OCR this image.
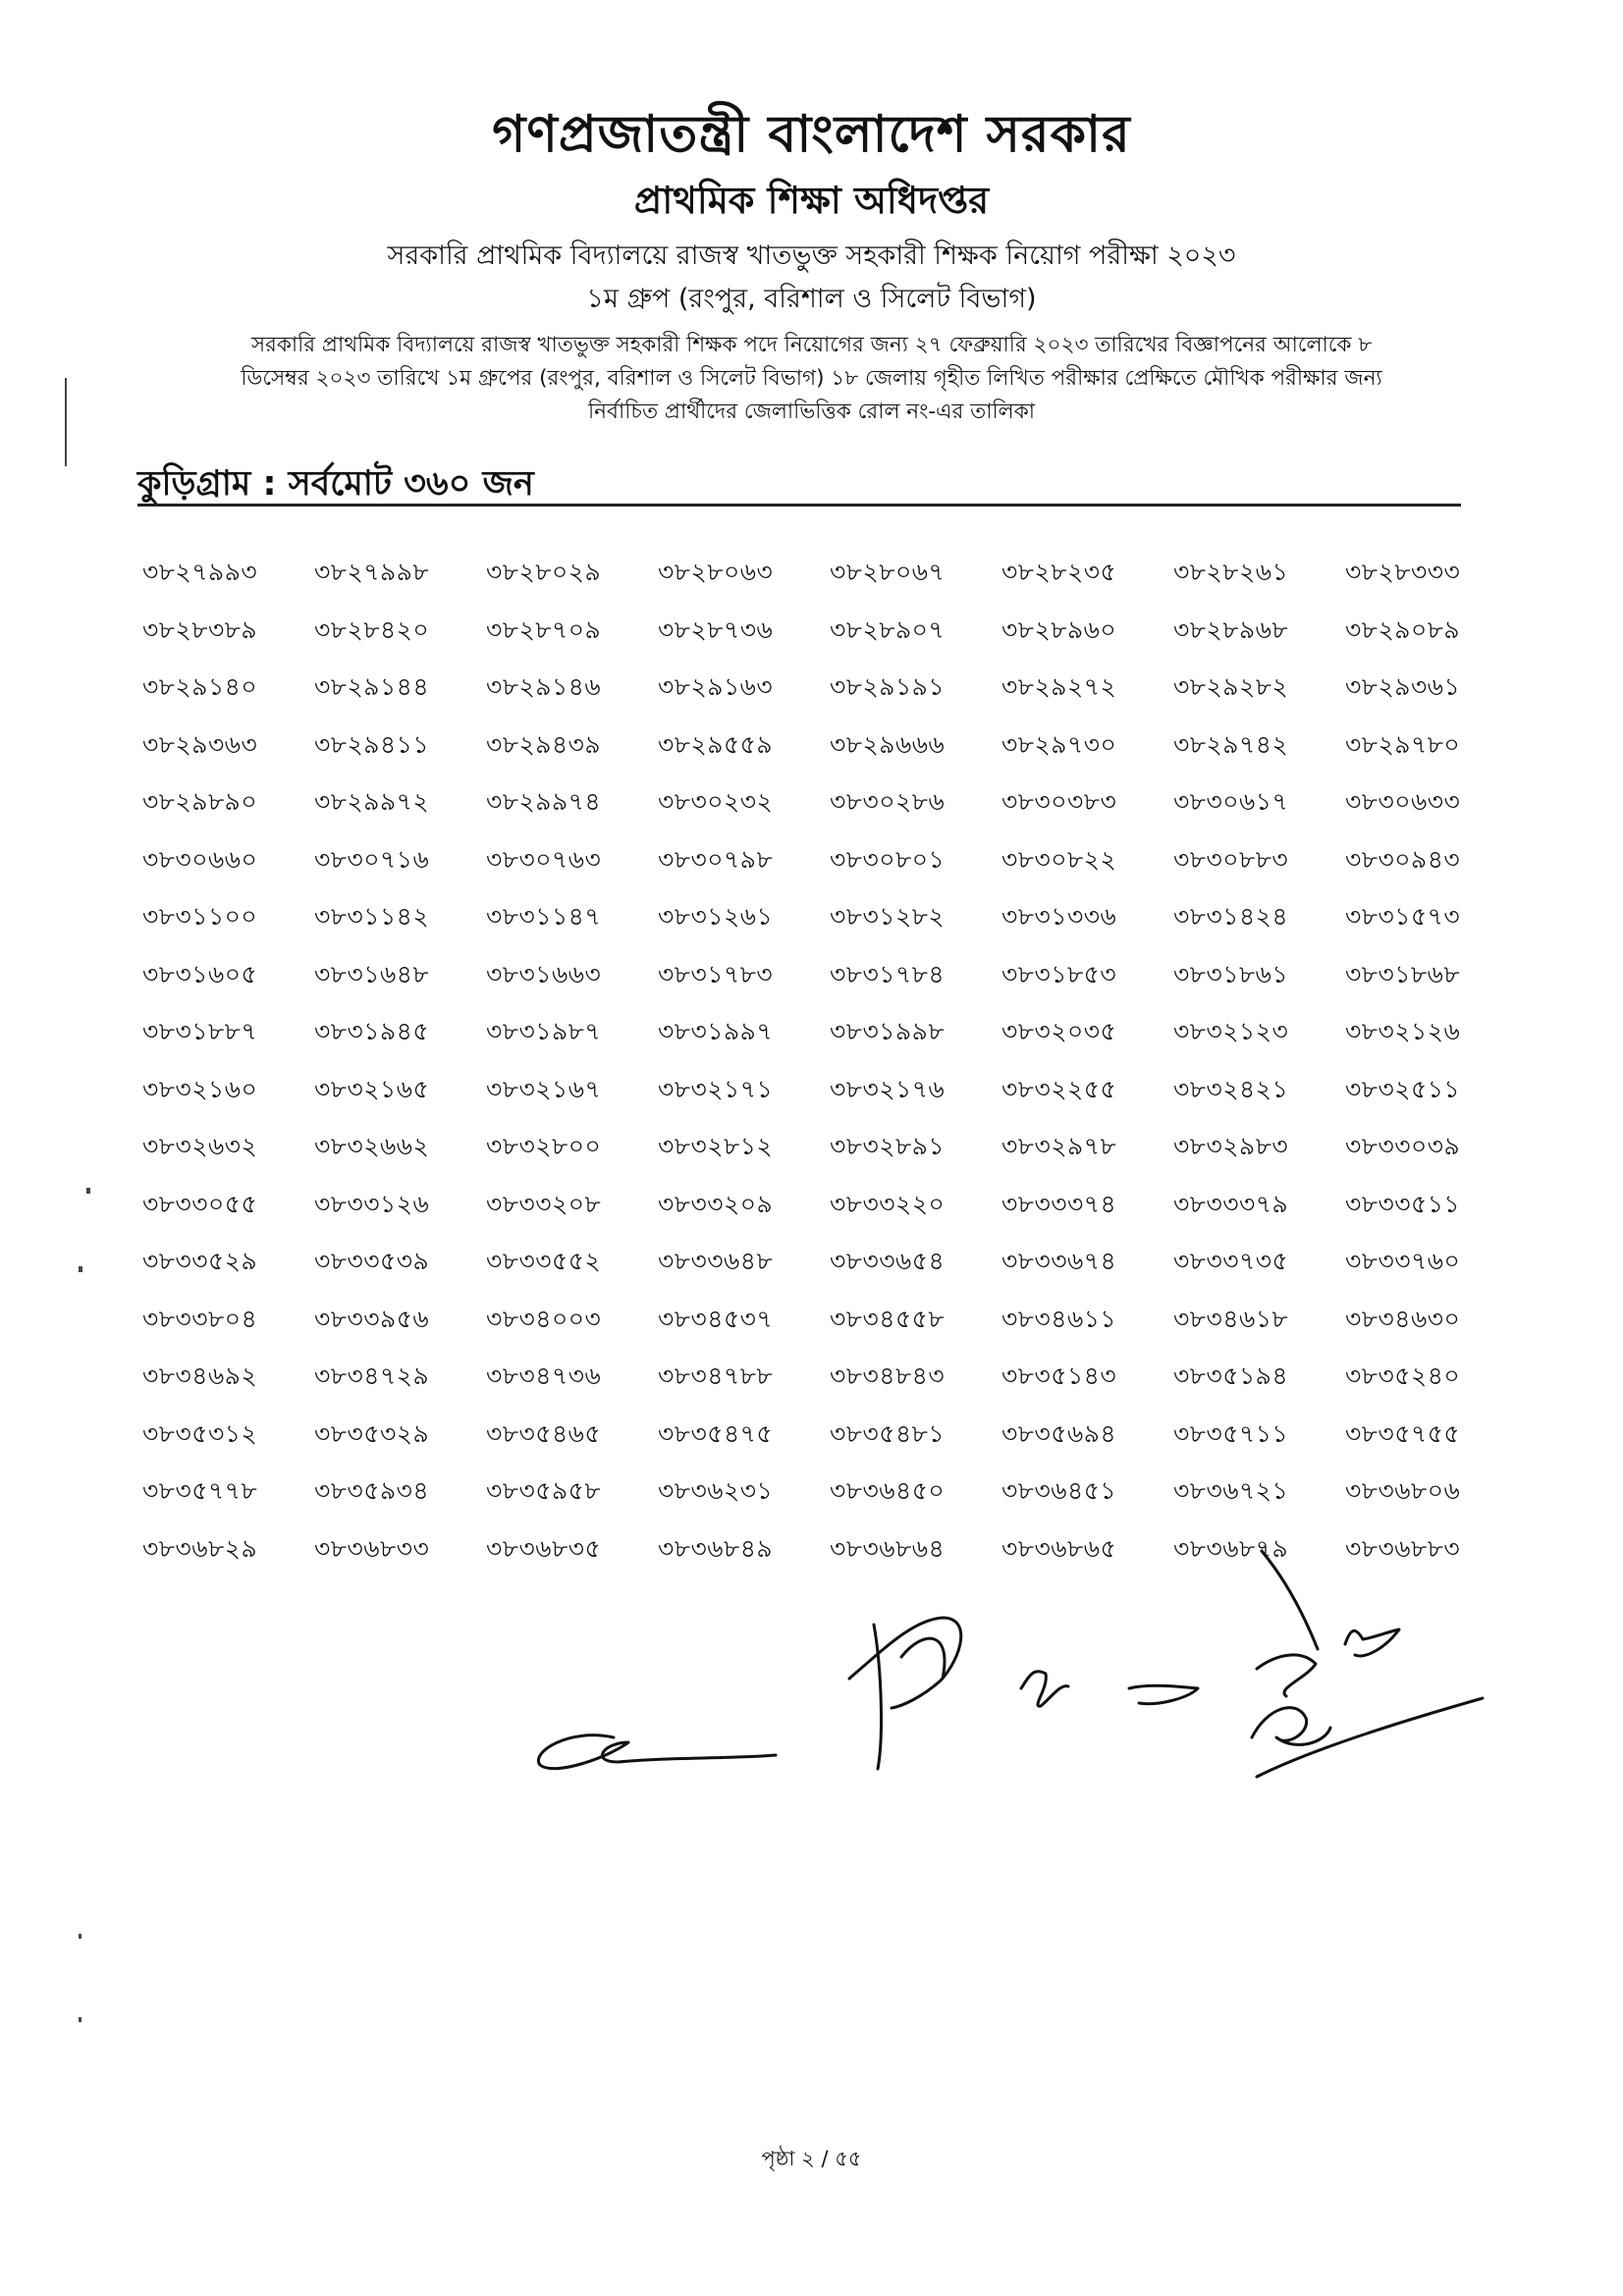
গণপ্রজাতন্ত্রী বাংলাদেশ সরকার
প্রাথমিক শিক্ষা অধিদপ্তর
সরকারি প্রাথমিক বিদ্যালয়ে রাজস্ব খাতভুক্ত সহকারী শিক্ষক নিয়োগ পরীক্ষা ২০২৩
১ম গ্রুপ (রংপুর, বরিশাল ও সিলেট বিভাগ)
সরকারি প্রাথমিক বিদ্যালয়ে রাজস্ব খাতভুক্ত সহকারী শিক্ষক পদে নিয়োগের জন্য ২৭ ফেব্রুয়ারি ২০২৩ তারিখের বিজ্ঞাপনের আলোকে ৮
ডিসেম্বর ২০২৩ তারিখে ১ম গ্রুপের (রংপুর, বরিশাল ও সিলেট বিভাগ) ১৮ জেলায় গৃহীত লিখিত পরীক্ষার প্রেক্ষিতে মৌখিক পরীক্ষার জন্য
নির্বাচিত প্রার্থীদের জেলাভিত্তিক রোল নং-এর তালিকা
কুড়িগ্রাম : সর্বমোট ৩৬০ জন
৩৮২৭৯৯৩	৩৮২৭৯৯৮	৩৮২৮০২৯	৩৮২৮০৬৩	৩৮২৮০৬৭	৩৮২৮২৩৫	৩৮২৮২৬১	৩৮২৮৩৩৩
৩৮২৮৩৮৯	৩৮২৮৪২০	৩৮২৮৭০৯	৩৮২৮৭৩৬	৩৮২৮৯০৭	৩৮২৮৯৬০	৩৮২৮৯৬৮	৩৮২৯০৮৯
৩৮২৯১৪০	৩৮২৯১৪৪	৩৮২৯১৪৬	৩৮২৯১৬৩	৩৮২৯১৯১	৩৮২৯২৭২	৩৮২৯২৮২	৩৮২৯৩৬১
৩৮২৯৩৬৩	৩৮২৯৪১১	৩৮২৯৪৩৯	৩৮২৯৫৫৯	৩৮২৯৬৬৬	৩৮২৯৭৩০	৩৮২৯৭৪২	৩৮২৯৭৮০
৩৮২৯৮৯০	৩৮২৯৯৭২	৩৮২৯৯৭৪	৩৮৩০২৩২	৩৮৩০২৮৬	৩৮৩০৩৮৩	৩৮৩০৬১৭	৩৮৩০৬৩৩
৩৮৩০৬৬০	৩৮৩০৭১৬	৩৮৩০৭৬৩	৩৮৩০৭৯৮	৩৮৩০৮০১	৩৮৩০৮২২	৩৮৩০৮৮৩	৩৮৩০৯৪৩
৩৮৩১১০০	৩৮৩১১৪২	৩৮৩১১৪৭	৩৮৩১২৬১	৩৮৩১২৮২	৩৮৩১৩৩৬	৩৮৩১৪২৪	৩৮৩১৫৭৩
৩৮৩১৬০৫	৩৮৩১৬৪৮	৩৮৩১৬৬৩	৩৮৩১৭৮৩	৩৮৩১৭৮৪	৩৮৩১৮৫৩	৩৮৩১৮৬১	৩৮৩১৮৬৮
৩৮৩১৮৮৭	৩৮৩১৯৪৫	৩৮৩১৯৮৭	৩৮৩১৯৯৭	৩৮৩১৯৯৮	৩৮৩২০৩৫	৩৮৩২১২৩	৩৮৩২১২৬
৩৮৩২১৬০	৩৮৩২১৬৫	৩৮৩২১৬৭	৩৮৩২১৭১	৩৮৩২১৭৬	৩৮৩২২৫৫	৩৮৩২৪২১	৩৮৩২৫১১
৩৮৩২৬৩২	৩৮৩২৬৬২	৩৮৩২৮০০	৩৮৩২৮১২	৩৮৩২৮৯১	৩৮৩২৯৭৮	৩৮৩২৯৮৩	৩৮৩৩০৩৯
৩৮৩৩০৫৫	৩৮৩৩১২৬	৩৮৩৩২০৮	৩৮৩৩২০৯	৩৮৩৩২২০	৩৮৩৩৩৭৪	৩৮৩৩৩৭৯	৩৮৩৩৫১১
৩৮৩৩৫২৯	৩৮৩৩৫৩৯	৩৮৩৩৫৫২	৩৮৩৩৬৪৮	৩৮৩৩৬৫৪	৩৮৩৩৬৭৪	৩৮৩৩৭৩৫	৩৮৩৩৭৬০
৩৮৩৩৮০৪	৩৮৩৩৯৫৬	৩৮৩৪০০৩	৩৮৩৪৫৩৭	৩৮৩৪৫৫৮	৩৮৩৪৬১১	৩৮৩৪৬১৮	৩৮৩৪৬৩০
৩৮৩৪৬৯২	৩৮৩৪৭২৯	৩৮৩৪৭৩৬	৩৮৩৪৭৮৮	৩৮৩৪৮৪৩	৩৮৩৫১৪৩	৩৮৩৫১৯৪	৩৮৩৫২৪০
৩৮৩৫৩১২	৩৮৩৫৩২৯	৩৮৩৫৪৬৫	৩৮৩৫৪৭৫	৩৮৩৫৪৮১	৩৮৩৫৬৯৪	৩৮৩৫৭১১	৩৮৩৫৭৫৫
৩৮৩৫৭৭৮	৩৮৩৫৯৩৪	৩৮৩৫৯৫৮	৩৮৩৬২৩১	৩৮৩৬৪৫০	৩৮৩৬৪৫১	৩৮৩৬৭২১	৩৮৩৬৮০৬
৩৮৩৬৮২৯	৩৮৩৬৮৩৩	৩৮৩৬৮৩৫	৩৮৩৬৮৪৯	৩৮৩৬৮৬৪	৩৮৩৬৮৬৫	৩৮৩৬৮৭৯	৩৮৩৬৮৮৩
পৃষ্ঠা ২ / ৫৫
